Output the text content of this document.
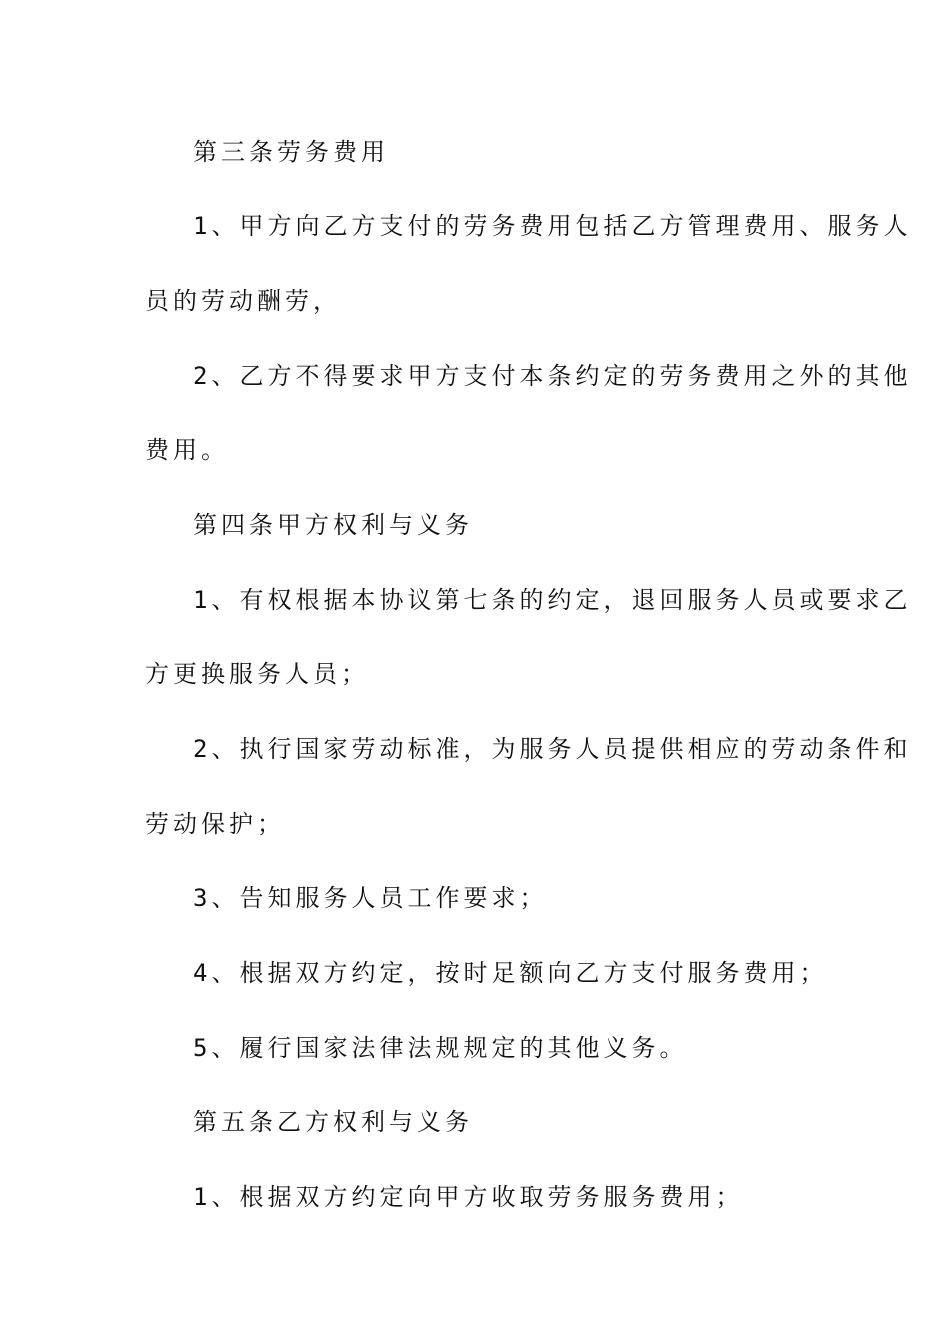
第三条劳务费用
1、甲方向乙方支付的劳务费用包括乙方管理费用、服务人
员的劳动酬劳，
2、乙方不得要求甲方支付本条约定的劳务费用之外的其他
费用。
第四条甲方权利与义务
1、有权根据本协议第七条的约定，退回服务人员或要求乙
方更换服务人员；
2、执行国家劳动标准，为服务人员提供相应的劳动条件和
劳动保护；
3、告知服务人员工作要求；
4、根据双方约定，按时足额向乙方支付服务费用；
5、履行国家法律法规规定的其他义务。
第五条乙方权利与义务
1、根据双方约定向甲方收取劳务服务费用；
